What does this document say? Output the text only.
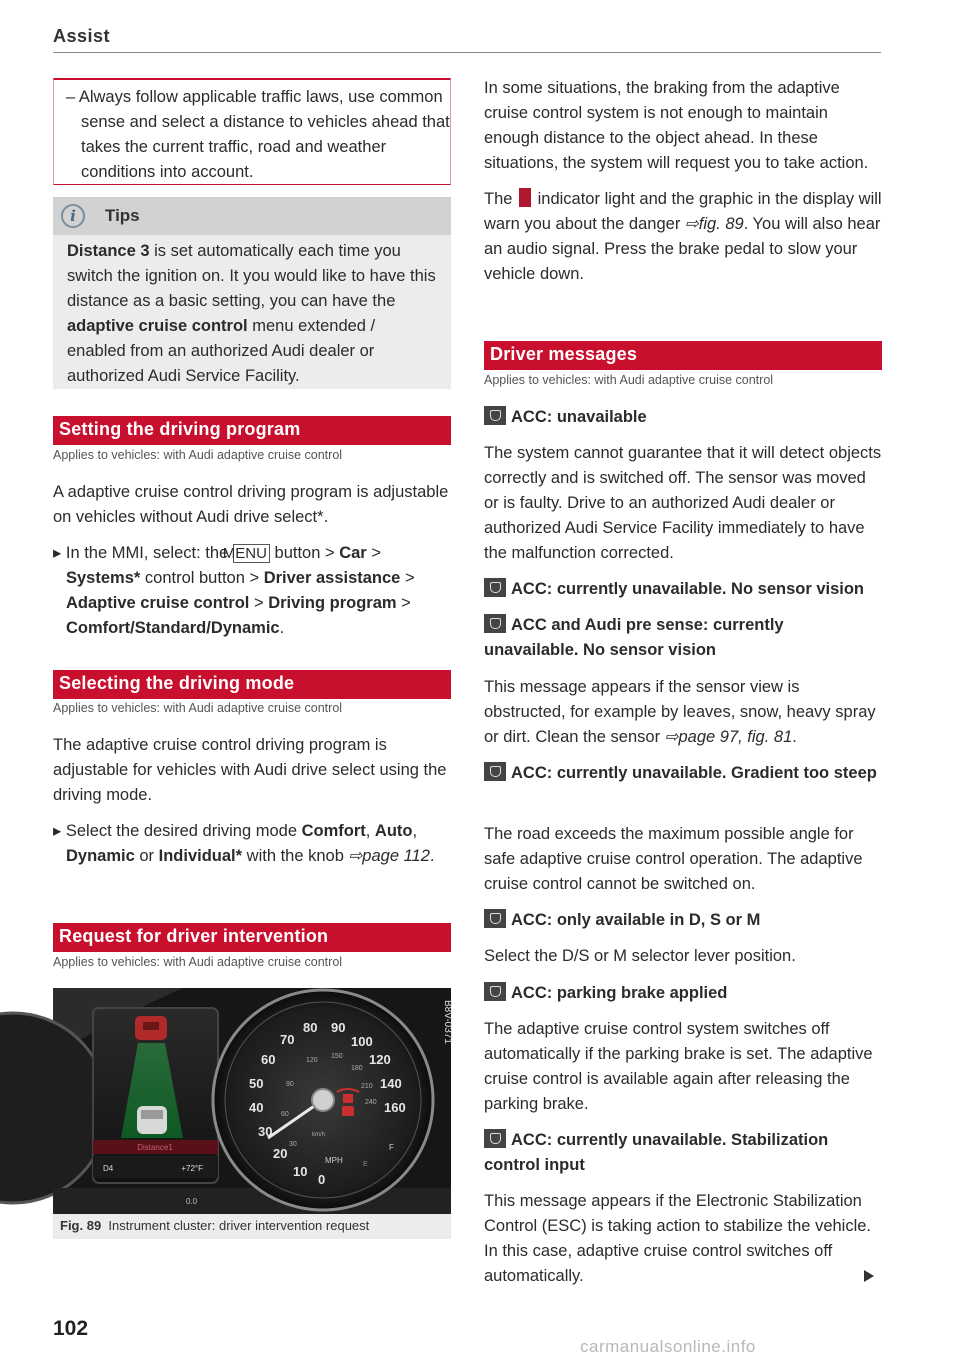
Assist

– Always follow applicable traffic laws, use common sense and select a distance to vehicles ahead that takes the current traffic, road and weather conditions into account.

i	Tips

Distance 3 is set automatically each time you switch the ignition on. It you would like to have this distance as a basic setting, you can have the adaptive cruise control menu extended / enabled from an authorized Audi dealer or authorized Audi Service Facility.

Setting the driving program
Applies to vehicles: with Audi adaptive cruise control

A adaptive cruise control driving program is adjustable on vehicles without Audi drive select*.

▸ In the MMI, select: the MENU button > Car > Systems* control button > Driver assistance > Adaptive cruise control > Driving program > Comfort/Standard/Dynamic.

Selecting the driving mode
Applies to vehicles: with Audi adaptive cruise control

The adaptive cruise control driving program is adjustable for vehicles with Audi drive select using the driving mode.

▸ Select the desired driving mode Comfort, Auto, Dynamic or Individual* with the knob ⇨page 112.

Request for driver intervention
Applies to vehicles: with Audi adaptive cruise control
Distance1
D4	+72°F
0.0
0
10
20
30
40
50
60
70
80 90
100
120
140
160
30
60
90
120
150
180
210
240
km/h
MPH
F
E
B8V-0371
Fig. 89 Instrument cluster: driver intervention request
102

In some situations, the braking from the adaptive cruise control system is not enough to maintain enough distance to the object ahead. In these situations, the system will request you to take action.

The  indicator light and the graphic in the display will warn you about the danger ⇨fig. 89. You will also hear an audio signal. Press the brake pedal to slow your vehicle down.

Driver messages
Applies to vehicles: with Audi adaptive cruise control
ACC: unavailable

The system cannot guarantee that it will detect objects correctly and is switched off. The sensor was moved or is faulty. Drive to an authorized Audi dealer or authorized Audi Service Facility immediately to have the malfunction corrected.

ACC: currently unavailable. No sensor vision
ACC and Audi pre sense: currently unavailable. No sensor vision

This message appears if the sensor view is obstructed, for example by leaves, snow, heavy spray or dirt. Clean the sensor ⇨page 97, fig. 81.

ACC: currently unavailable. Gradient too steep

The road exceeds the maximum possible angle for safe adaptive cruise control operation. The adaptive cruise control cannot be switched on.

ACC: only available in D, S or M

Select the D/S or M selector lever position.

ACC: parking brake applied

The adaptive cruise control system switches off automatically if the parking brake is set. The adaptive cruise control is available again after releasing the parking brake.

ACC: currently unavailable. Stabilization control input

This message appears if the Electronic Stabilization Control (ESC) is taking action to stabilize the vehicle. In this case, adaptive cruise control switches off automatically.

carmanualsonline.info
